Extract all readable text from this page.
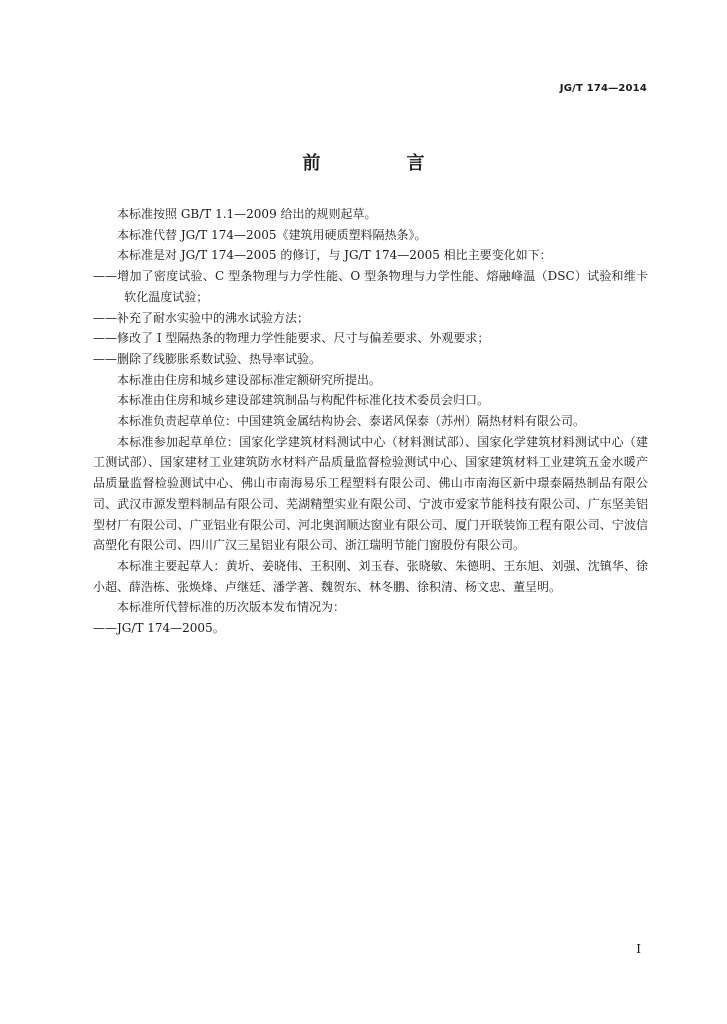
JG/T 174—2014
前　言

本标准按照 GB/T 1.1—2009 给出的规则起草。

本标准代替 JG/T 174—2005《建筑用硬质塑料隔热条》。

本标准是对 JG/T 174—2005 的修订，与 JG/T 174—2005 相比主要变化如下：

——增加了密度试验、C 型条物理与力学性能、O 型条物理与力学性能、熔融峰温（DSC）试验和维卡软化温度试验；

——补充了耐水实验中的沸水试验方法；

——修改了 I 型隔热条的物理力学性能要求、尺寸与偏差要求、外观要求；

——删除了线膨胀系数试验、热导率试验。

本标准由住房和城乡建设部标准定额研究所提出。

本标准由住房和城乡建设部建筑制品与构配件标准化技术委员会归口。

本标准负责起草单位：中国建筑金属结构协会、泰诺风保泰（苏州）隔热材料有限公司。

本标准参加起草单位：国家化学建筑材料测试中心（材料测试部）、国家化学建筑材料测试中心（建工测试部）、国家建材工业建筑防水材料产品质量监督检验测试中心、国家建筑材料工业建筑五金水暖产品质量监督检验测试中心、佛山市南海易乐工程塑料有限公司、佛山市南海区新中璟泰隔热制品有限公司、武汉市源发塑料制品有限公司、芜湖精塑实业有限公司、宁波市爱家节能科技有限公司、广东坚美铝型材厂有限公司、广亚铝业有限公司、河北奥润顺达窗业有限公司、厦门开联装饰工程有限公司、宁波信高塑化有限公司、四川广汉三星铝业有限公司、浙江瑞明节能门窗股份有限公司。

本标准主要起草人：黄圻、姜晓伟、王积刚、刘玉春、张晓敏、朱德明、王东旭、刘强、沈镇华、徐小超、薛浩栋、张焕烽、卢继廷、潘学著、魏贺东、林冬鹏、徐积清、杨文忠、董呈明。

本标准所代替标准的历次版本发布情况为：

——JG/T 174—2005。

I
